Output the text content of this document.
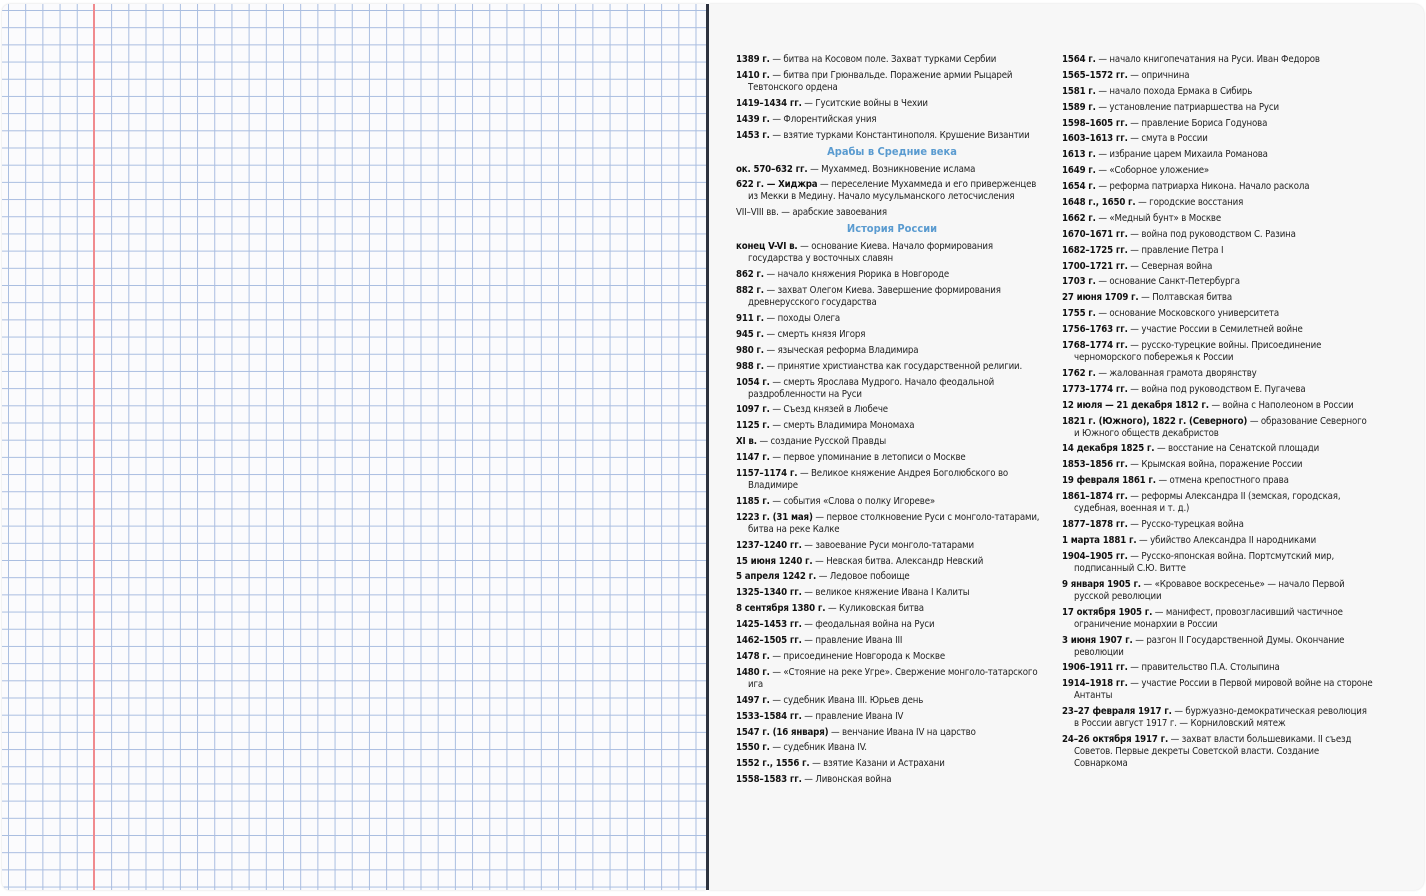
1389 г. — битва на Косовом поле. Захват турками Сербии
1410 г. — битва при Грюнвальде. Поражение армии Рыцарей Тевтонского ордена
1419–1434 гг. — Гуситские войны в Чехии
1439 г. — Флорентийская уния
1453 г. — взятие турками Константинополя. Крушение Византии
Арабы в Средние века
ок. 570–632 гг. — Мухаммед. Возникновение ислама
622 г. — Хиджра — переселение Мухаммеда и его приверженцев из Мекки в Медину. Начало мусульманского летосчисления
VII–VIII вв. — арабские завоевания
История России
конец V-VI в. — основание Киева. Начало формирования государства у восточных славян
862 г. — начало княжения Рюрика в Новгороде
882 г. — захват Олегом Киева. Завершение формирования древнерусского государства
911 г. — походы Олега
945 г. — смерть князя Игоря
980 г. — языческая реформа Владимира
988 г. — принятие христианства как государственной религии.
1054 г. — смерть Ярослава Мудрого. Начало феодальной раздробленности на Руси
1097 г. — Съезд князей в Любече
1125 г. — смерть Владимира Мономаха
XI в. — создание Русской Правды
1147 г. — первое упоминание в летописи о Москве
1157–1174 г. — Великое княжение Андрея Боголюбского во Владимире
1185 г. — события «Слова о полку Игореве»
1223 г. (31 мая) — первое столкновение Руси с монголо-татарами, битва на реке Калке
1237–1240 гг. — завоевание Руси монголо-татарами
15 июня 1240 г. — Невская битва. Александр Невский
5 апреля 1242 г. — Ледовое побоище
1325–1340 гг. — великое княжение Ивана I Калиты
8 сентября 1380 г. — Куликовская битва
1425–1453 гг. — феодальная война на Руси
1462–1505 гг. — правление Ивана III
1478 г. — присоединение Новгорода к Москве
1480 г. — «Стояние на реке Угре». Свержение монголо-татарского ига
1497 г. — судебник Ивана III. Юрьев день
1533–1584 гг. — правление Ивана IV
1547 г. (16 января) — венчание Ивана IV на царство
1550 г. — судебник Ивана IV.
1552 г., 1556 г. — взятие Казани и Астрахани
1558–1583 гг. — Ливонская война
1564 г. — начало книгопечатания на Руси. Иван Федоров
1565–1572 гг. — опричнина
1581 г. — начало похода Ермака в Сибирь
1589 г. — установление патриаршества на Руси
1598–1605 гг. — правление Бориса Годунова
1603–1613 гг. — смута в России
1613 г. — избрание царем Михаила Романова
1649 г. — «Соборное уложение»
1654 г. — реформа патриарха Никона. Начало раскола
1648 г., 1650 г. — городские восстания
1662 г. — «Медный бунт» в Москве
1670–1671 гг. — война под руководством С. Разина
1682–1725 гг. — правление Петра I
1700–1721 гг. — Северная война
1703 г. — основание Санкт-Петербурга
27 июня 1709 г. — Полтавская битва
1755 г. — основание Московского университета
1756–1763 гг. — участие России в Семилетней войне
1768–1774 гг. — русско-турецкие войны. Присоединение черноморского побережья к России
1762 г. — жалованная грамота дворянству
1773–1774 гг. — война под руководством Е. Пугачева
12 июля — 21 декабря 1812 г. — война с Наполеоном в России
1821 г. (Южного), 1822 г. (Северного) — образование Северного и Южного обществ декабристов
14 декабря 1825 г. — восстание на Сенатской площади
1853–1856 гг. — Крымская война, поражение России
19 февраля 1861 г. — отмена крепостного права
1861–1874 гг. — реформы Александра II (земская, городская, судебная, военная и т. д.)
1877–1878 гг. — Русско-турецкая война
1 марта 1881 г. — убийство Александра II народниками
1904–1905 гг. — Русско-японская война. Портсмутский мир, подписанный С.Ю. Витте
9 января 1905 г. — «Кровавое воскресенье» — начало Первой русской революции
17 октября 1905 г. — манифест, провозгласивший частичное ограничение монархии в России
3 июня 1907 г. — разгон II Государственной Думы. Окончание революции
1906–1911 гг. — правительство П.А. Столыпина
1914–1918 гг. — участие России в Первой мировой войне на стороне Антанты
23–27 февраля 1917 г. — буржуазно-демократическая революция в России август 1917 г. — Корниловский мятеж
24–26 октября 1917 г. — захват власти большевиками. II съезд Советов. Первые декреты Советской власти. Создание Совнаркома
